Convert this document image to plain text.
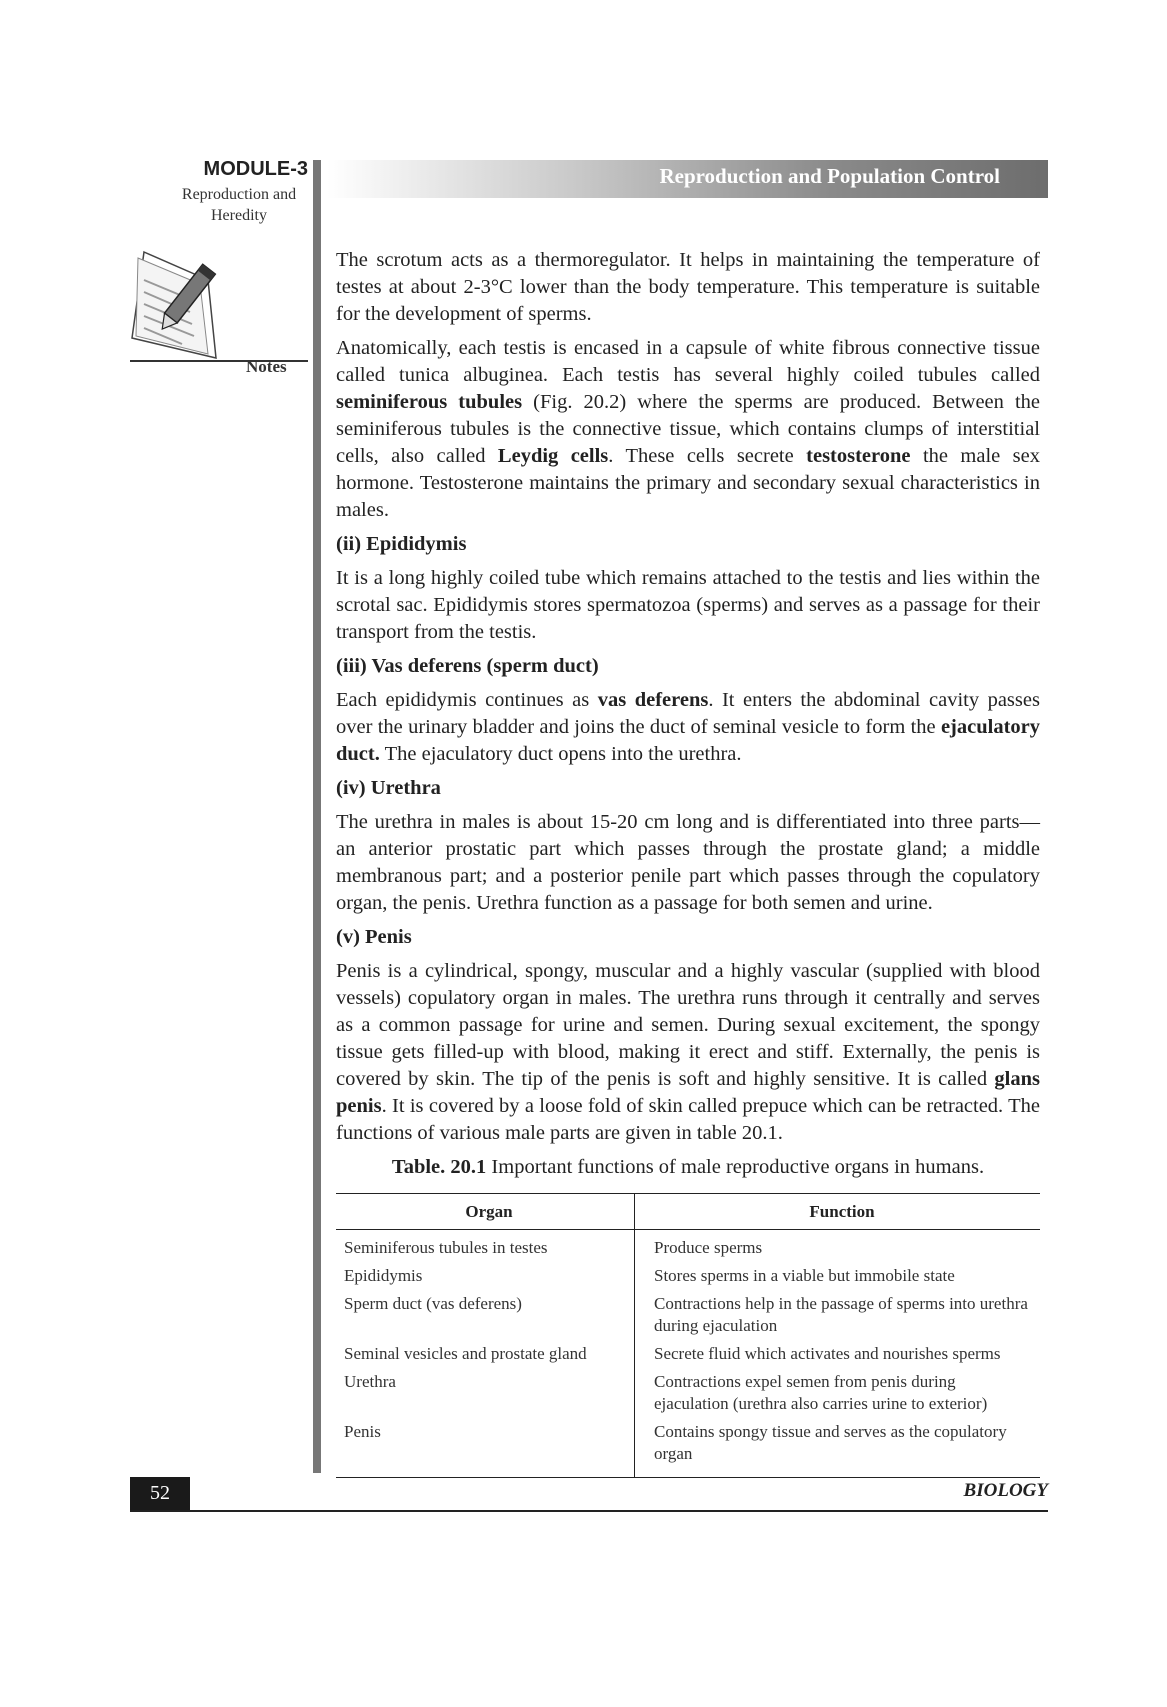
MODULE-3
Reproduction and
Heredity
Notes
Reproduction and Population Control

The scrotum acts as a thermoregulator. It helps in maintaining the temperature of testes at about 2-3°C lower than the body temperature. This temperature is suitable for the development of sperms.

Anatomically, each testis is encased in a capsule of white fibrous connective tissue called tunica albuginea. Each testis has several highly coiled tubules called seminiferous tubules (Fig. 20.2) where the sperms are produced. Between the seminiferous tubules is the connective tissue, which contains clumps of interstitial cells, also called Leydig cells. These cells secrete testosterone the male sex hormone. Testosterone maintains the primary and secondary sexual characteristics in males.

(ii) Epididymis

It is a long highly coiled tube which remains attached to the testis and lies within the scrotal sac. Epididymis stores spermatozoa (sperms) and serves as a passage for their transport from the testis.

(iii) Vas deferens (sperm duct)

Each epididymis continues as vas deferens. It enters the abdominal cavity passes over the urinary bladder and joins the duct of seminal vesicle to form the ejaculatory duct. The ejaculatory duct opens into the urethra.

(iv) Urethra

The urethra in males is about 15-20 cm long and is differentiated into three parts— an anterior prostatic part which passes through the prostate gland; a middle membranous part; and a posterior penile part which passes through the copulatory organ, the penis. Urethra function as a passage for both semen and urine.

(v) Penis

Penis is a cylindrical, spongy, muscular and a highly vascular (supplied with blood vessels) copulatory organ in males. The urethra runs through it centrally and serves as a common passage for urine and semen. During sexual excitement, the spongy tissue gets filled-up with blood, making it erect and stiff. Externally, the penis is covered by skin. The tip of the penis is soft and highly sensitive. It is called glans penis. It is covered by a loose fold of skin called prepuce which can be retracted. The functions of various male parts are given in table 20.1.

Table. 20.1 Important functions of male reproductive organs in humans.
Organ	Function
Seminiferous tubules in testes	Produce sperms
Epididymis	Stores sperms in a viable but immobile state
Sperm duct (vas deferens)	Contractions help in the passage of sperms into urethra during ejaculation
Seminal vesicles and prostate gland	Secrete fluid which activates and nourishes sperms
Urethra	Contractions expel semen from penis during ejaculation (urethra also carries urine to exterior)
Penis	Contains spongy tissue and serves as the copulatory organ
52	BIOLOGY
